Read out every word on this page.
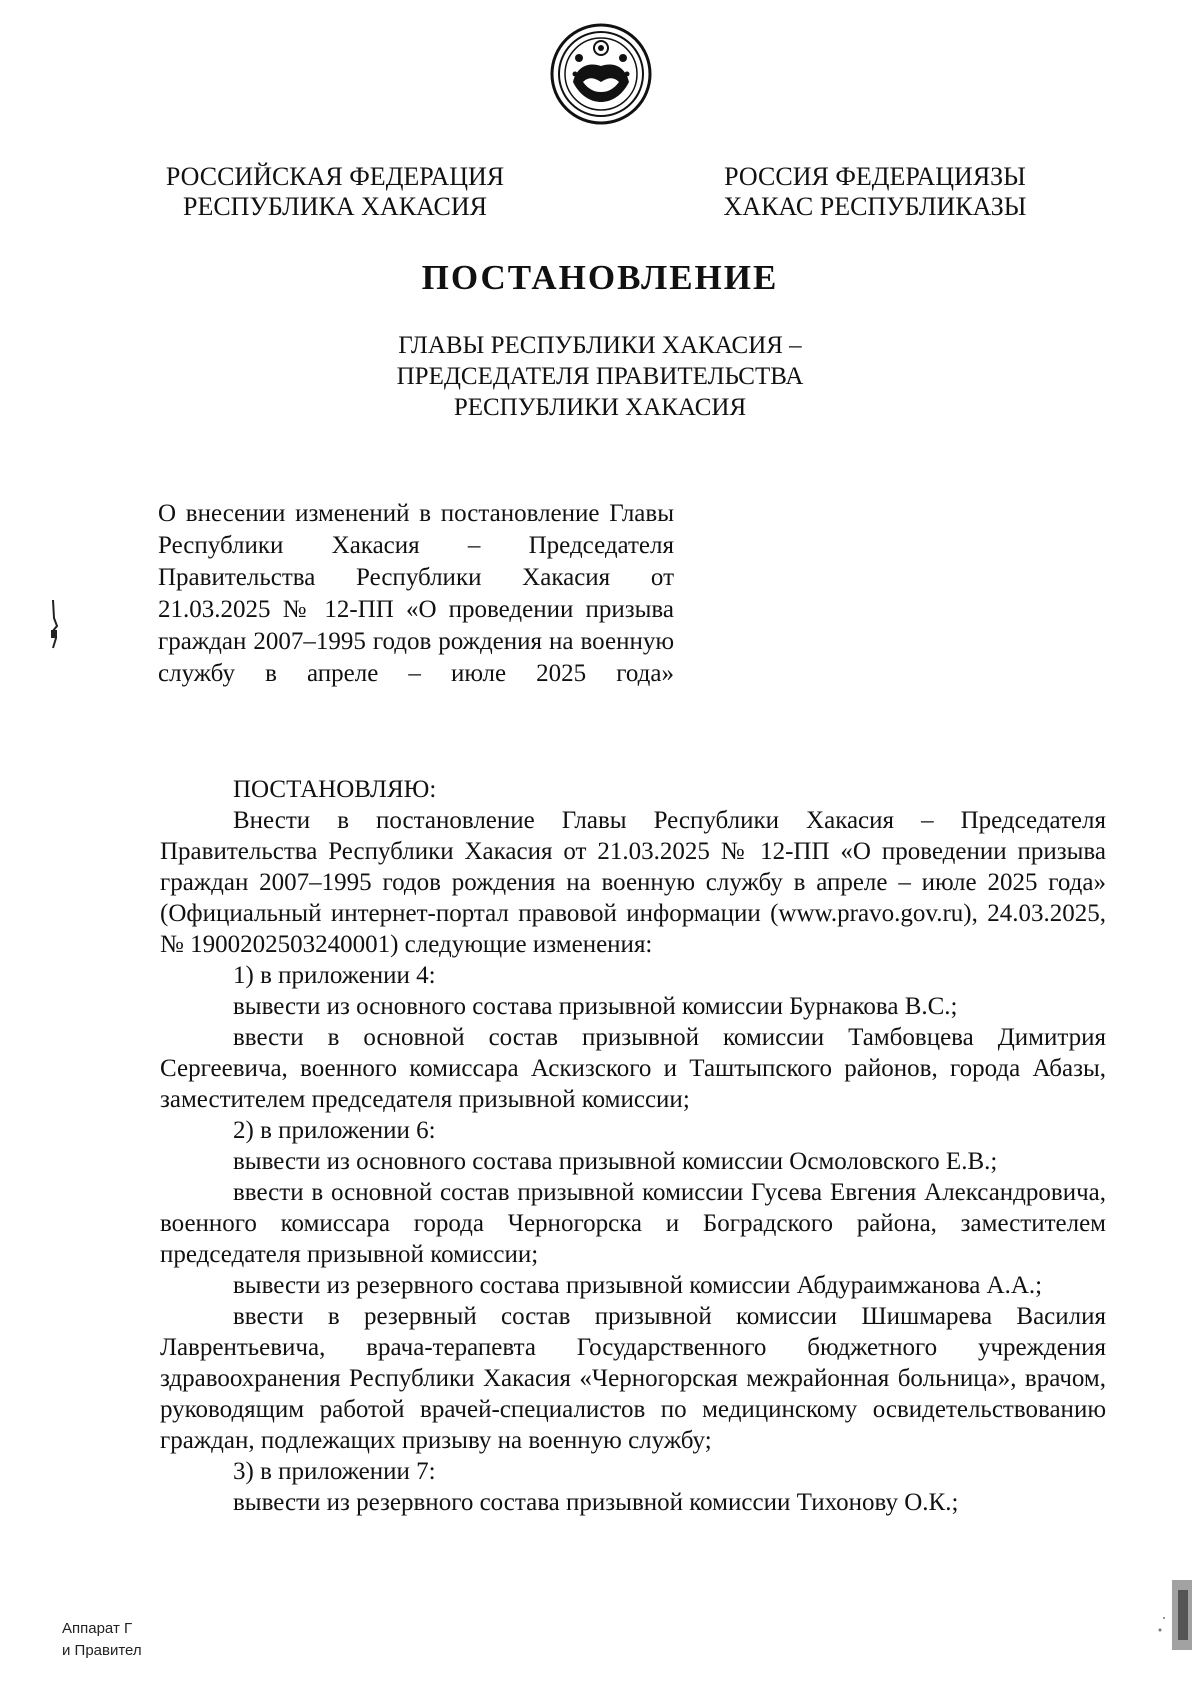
РОССИЙСКАЯ ФЕДЕРАЦИЯ
РЕСПУБЛИКА ХАКАСИЯ
РОССИЯ ФЕДЕРАЦИЯЗЫ
ХАКАС РЕСПУБЛИКАЗЫ
ПОСТАНОВЛЕНИЕ
ГЛАВЫ РЕСПУБЛИКИ ХАКАСИЯ –
ПРЕДСЕДАТЕЛЯ ПРАВИТЕЛЬСТВА
РЕСПУБЛИКИ ХАКАСИЯ
О внесении изменений в постановление Главы Республики Хакасия – Председателя Правительства Республики Хакасия от 21.03.2025 № 12-ПП «О проведении призыва граждан 2007–1995 годов рождения на военную службу в апреле – июле 2025 года»

ПОСТАНОВЛЯЮ:

Внести в постановление Главы Республики Хакасия – Председателя Правительства Республики Хакасия от 21.03.2025 № 12-ПП «О проведении призыва граждан 2007–1995 годов рождения на военную службу в апреле – июле 2025 года» (Официальный интернет-портал правовой информации (www.pravo.gov.ru), 24.03.2025, № 1900202503240001) следующие изменения:

1) в приложении 4:

вывести из основного состава призывной комиссии Бурнакова В.С.;

ввести в основной состав призывной комиссии Тамбовцева Димитрия Сергеевича, военного комиссара Аскизского и Таштыпского районов, города Абазы, заместителем председателя призывной комиссии;

2) в приложении 6:

вывести из основного состава призывной комиссии Осмоловского Е.В.;

ввести в основной состав призывной комиссии Гусева Евгения Александровича, военного комиссара города Черногорска и Боградского района, заместителем председателя призывной комиссии;

вывести из резервного состава призывной комиссии Абдураимжанова А.А.;

ввести в резервный состав призывной комиссии Шишмарева Василия Лаврентьевича, врача-терапевта Государственного бюджетного учреждения здравоохранения Республики Хакасия «Черногорская межрайонная больница», врачом, руководящим работой врачей-специалистов по медицинскому освидетельствованию граждан, подлежащих призыву на военную службу;

3) в приложении 7:

вывести из резервного состава призывной комиссии Тихонову О.К.;

Аппарат Г
и Правител
